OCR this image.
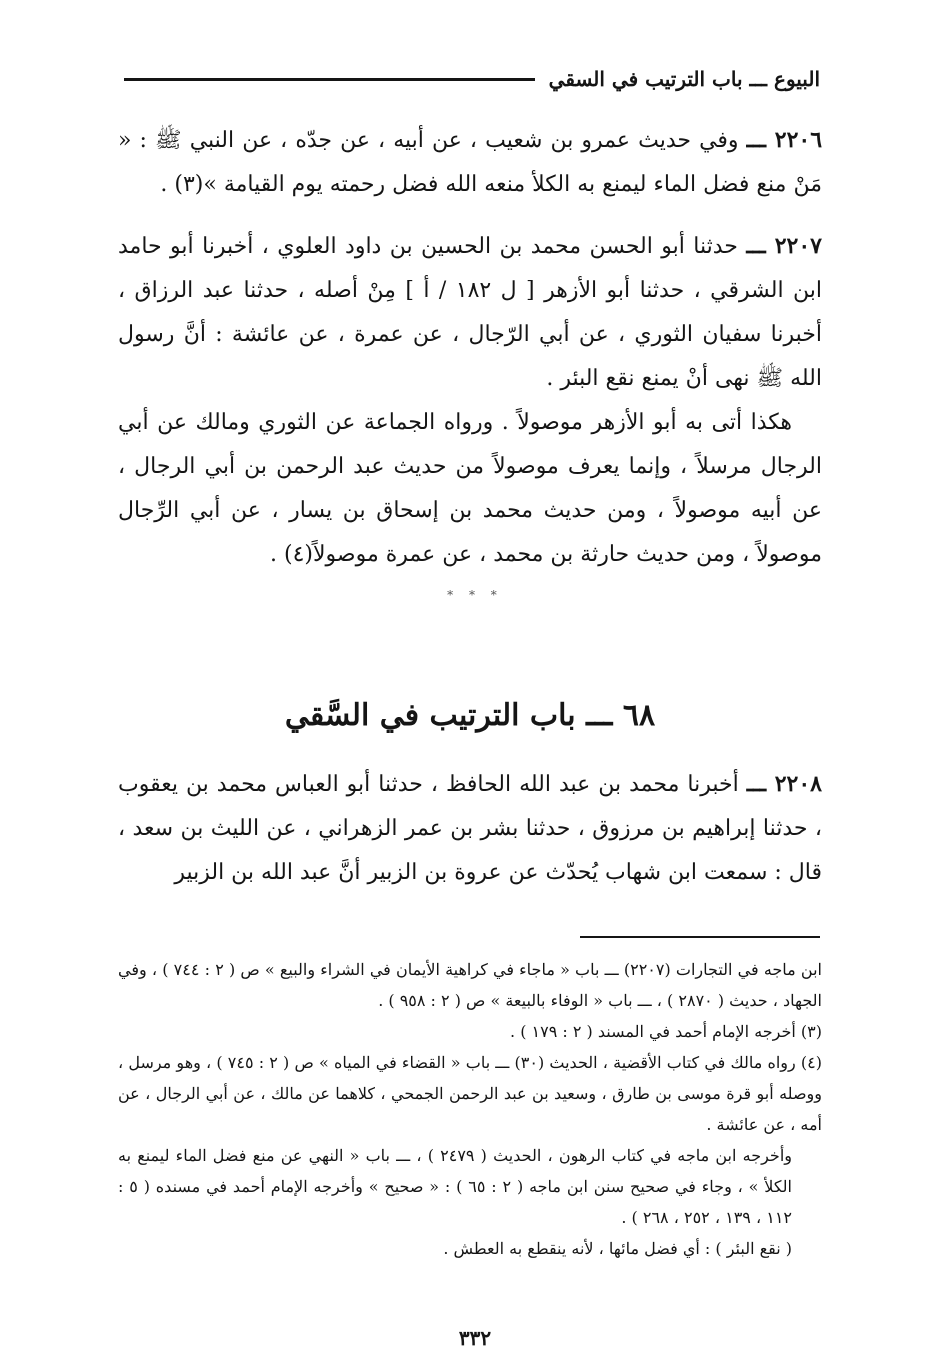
البيوع ـــ باب الترتيب في السقي

٢٢٠٦ ـــ وفي حديث عمرو بن شعيب ، عن أبيه ، عن جدّه ، عن النبي ﷺ : « مَنْ منع فضل الماء ليمنع به الكلأ منعه الله فضل رحمته يوم القيامة »(٣) .

٢٢٠٧ ـــ حدثنا أبو الحسن محمد بن الحسين بن داود العلوي ، أخبرنا أبو حامد ابن الشرقي ، حدثنا أبو الأزهر [ ل ١٨٢ / أ ] مِنْ أصله ، حدثنا عبد الرزاق ، أخبرنا سفيان الثوري ، عن أبي الرّجال ، عن عمرة ، عن عائشة : أنَّ رسول الله ﷺ نهى أنْ يمنع نقع البئر .

هكذا أتى به أبو الأزهر موصولاً . ورواه الجماعة عن الثوري ومالك عن أبي الرجال مرسلاً ، وإنما يعرف موصولاً من حديث عبد الرحمن بن أبي الرجال ، عن أبيه موصولاً ، ومن حديث محمد بن إسحاق بن يسار ، عن أبي الرِّجال موصولاً ، ومن حديث حارثة بن محمد ، عن عمرة موصولاً(٤) .

* * *
٦٨ ـــ باب الترتيب في السَّقي

٢٢٠٨ ـــ أخبرنا محمد بن عبد الله الحافظ ، حدثنا أبو العباس محمد بن يعقوب ، حدثنا إبراهيم بن مرزوق ، حدثنا بشر بن عمر الزهراني ، عن الليث بن سعد ، قال : سمعت ابن شهاب يُحدّث عن عروة بن الزبير أنَّ عبد الله بن الزبير

ابن ماجه في التجارات (٢٢٠٧) ـــ باب « ماجاء في كراهية الأيمان في الشراء والبيع » ص ( ٢ : ٧٤٤ ) ، وفي الجهاد ، حديث ( ٢٨٧٠ ) ، ـــ باب « الوفاء بالبيعة » ص ( ٢ : ٩٥٨ ) .

(٣) أخرجه الإمام أحمد في المسند ( ٢ : ١٧٩ ) .

(٤) رواه مالك في كتاب الأقضية ، الحديث (٣٠) ـــ باب « القضاء في المياه » ص ( ٢ : ٧٤٥ ) ، وهو مرسل ، ووصله أبو قرة موسى بن طارق ، وسعيد بن عبد الرحمن الجمحي ، كلاهما عن مالك ، عن أبي الرجال ، عن أمه ، عن عائشة .

وأخرجه ابن ماجه في كتاب الرهون ، الحديث ( ٢٤٧٩ ) ، ـــ باب « النهي عن منع فضل الماء ليمنع به الكلأ » ، وجاء في صحيح سنن ابن ماجه ( ٢ : ٦٥ ) : « صحيح » وأخرجه الإمام أحمد في مسنده ( ٥ : ١١٢ ، ١٣٩ ، ٢٥٢ ، ٢٦٨ ) .

( نقع البئر ) : أي فضل مائها ، لأنه ينقطع به العطش .

٣٣٢
